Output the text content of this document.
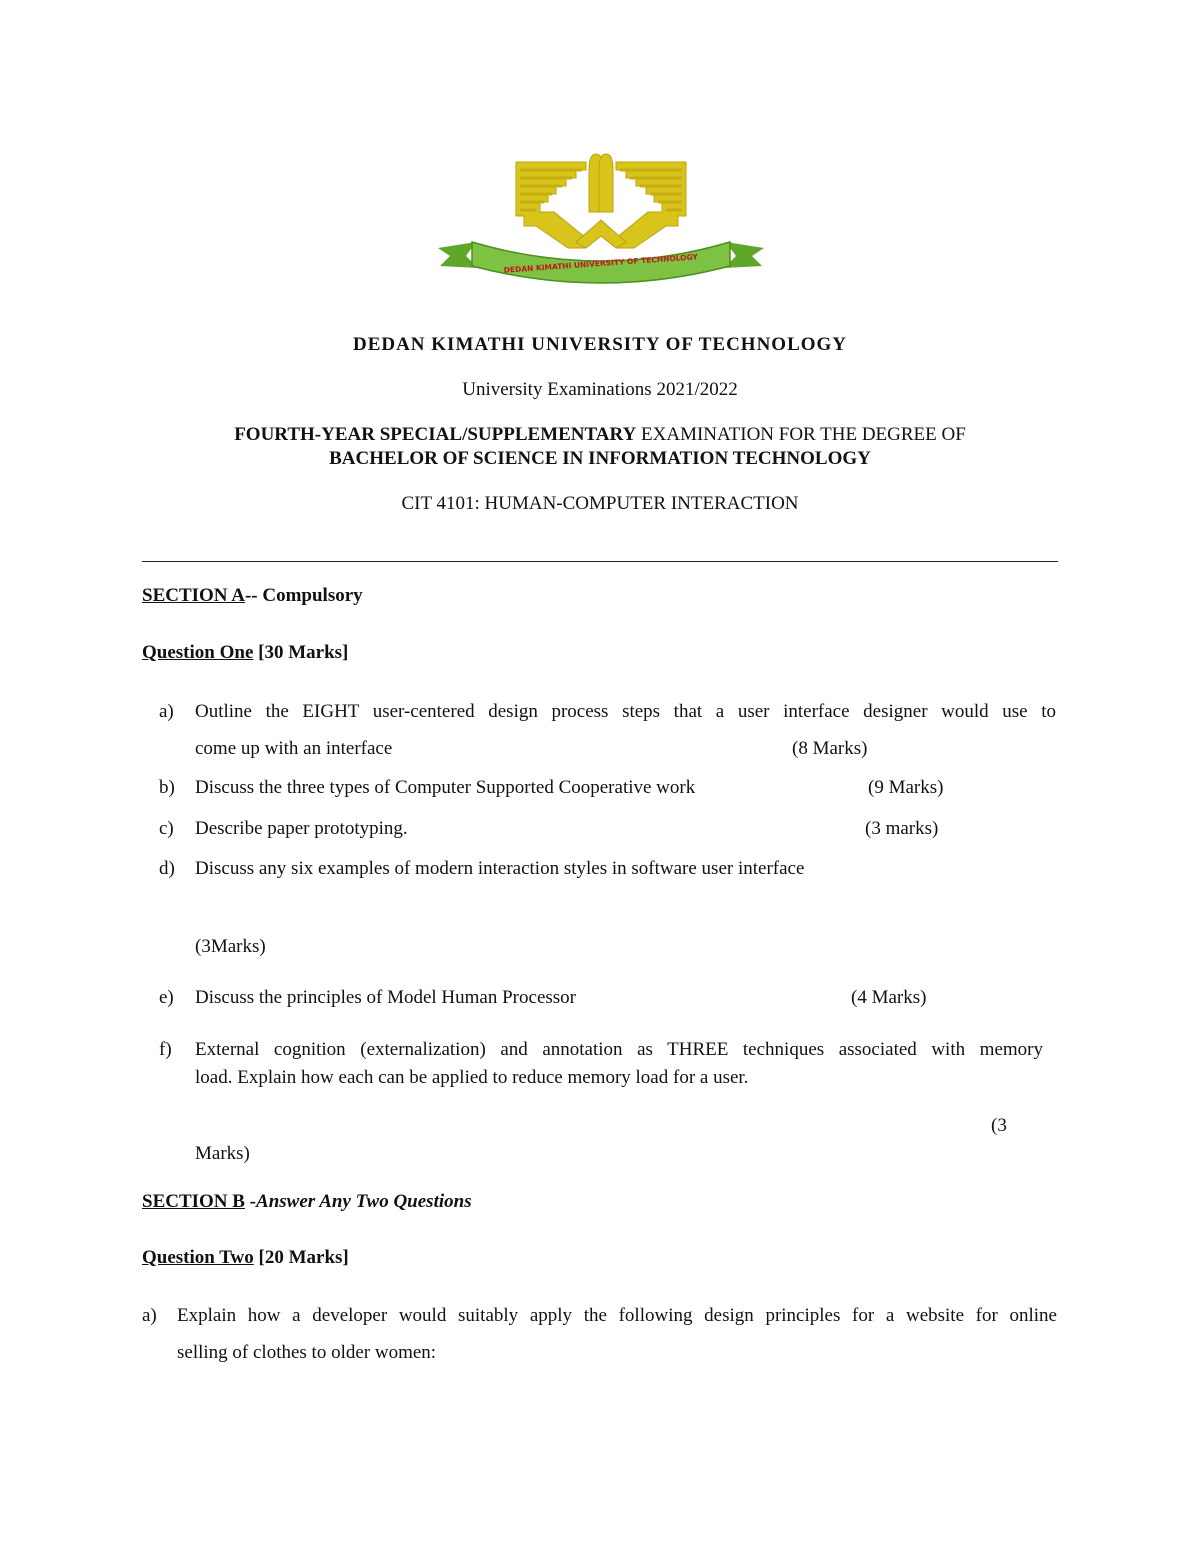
DEDAN KIMATHI UNIVERSITY OF TECHNOLOGY
DEDAN KIMATHI UNIVERSITY OF TECHNOLOGY
University Examinations 2021/2022
FOURTH-YEAR SPECIAL/SUPPLEMENTARY EXAMINATION FOR THE DEGREE OF
BACHELOR OF SCIENCE IN INFORMATION TECHNOLOGY
CIT 4101: HUMAN-COMPUTER INTERACTION
SECTION A-- Compulsory
Question One [30 Marks]
a) Outline the EIGHT user-centered design process steps that a user interface designer would use to
come up with an interface	(8 Marks)
b) Discuss the three types of Computer Supported Cooperative work	(9 Marks)
c) Describe paper prototyping.	(3 marks)
d) Discuss any six examples of modern interaction styles in software user interface
(3Marks)
e) Discuss the principles of Model Human Processor	(4 Marks)
f) External cognition (externalization) and annotation as THREE techniques associated with memory
load. Explain how each can be applied to reduce memory load for a user.
(3
Marks)
SECTION B -Answer Any Two Questions
Question Two [20 Marks]
a) Explain how a developer would suitably apply the following design principles for a website for online
selling of clothes to older women:
